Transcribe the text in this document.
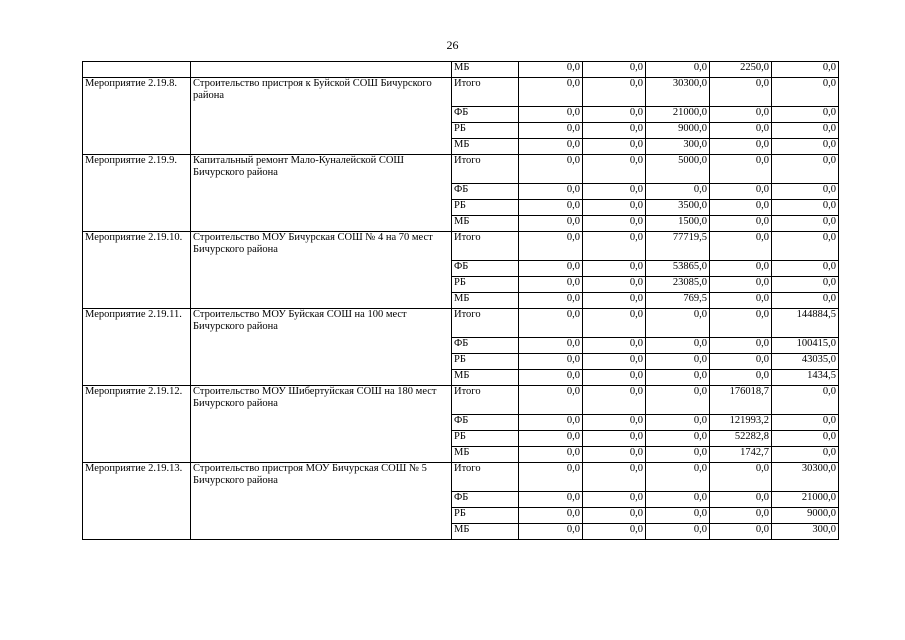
26
		МБ	0,0	0,0	0,0	2250,0	0,0
Мероприятие 2.19.8.	Строительство пристроя к Буйской СОШ Бичурского района	Итого	0,0	0,0	30300,0	0,0	0,0
		ФБ	0,0	0,0	21000,0	0,0	0,0
		РБ	0,0	0,0	9000,0	0,0	0,0
		МБ	0,0	0,0	300,0	0,0	0,0
Мероприятие 2.19.9.	Капитальный ремонт Мало-Куналейской СОШ Бичурского района	Итого	0,0	0,0	5000,0	0,0	0,0
		ФБ	0,0	0,0	0,0	0,0	0,0
		РБ	0,0	0,0	3500,0	0,0	0,0
		МБ	0,0	0,0	1500,0	0,0	0,0
Мероприятие 2.19.10.	Строительство МОУ Бичурская СОШ № 4 на 70 мест Бичурского района	Итого	0,0	0,0	77719,5	0,0	0,0
		ФБ	0,0	0,0	53865,0	0,0	0,0
		РБ	0,0	0,0	23085,0	0,0	0,0
		МБ	0,0	0,0	769,5	0,0	0,0
Мероприятие 2.19.11.	Строительство МОУ Буйская СОШ на 100 мест Бичурского района	Итого	0,0	0,0	0,0	0,0	144884,5
		ФБ	0,0	0,0	0,0	0,0	100415,0
		РБ	0,0	0,0	0,0	0,0	43035,0
		МБ	0,0	0,0	0,0	0,0	1434,5
Мероприятие 2.19.12.	Строительство МОУ Шибертуйская СОШ на 180 мест Бичурского района	Итого	0,0	0,0	0,0	176018,7	0,0
		ФБ	0,0	0,0	0,0	121993,2	0,0
		РБ	0,0	0,0	0,0	52282,8	0,0
		МБ	0,0	0,0	0,0	1742,7	0,0
Мероприятие 2.19.13.	Строительство пристроя МОУ Бичурская СОШ № 5 Бичурского района	Итого	0,0	0,0	0,0	0,0	30300,0
		ФБ	0,0	0,0	0,0	0,0	21000,0
		РБ	0,0	0,0	0,0	0,0	9000,0
		МБ	0,0	0,0	0,0	0,0	300,0
